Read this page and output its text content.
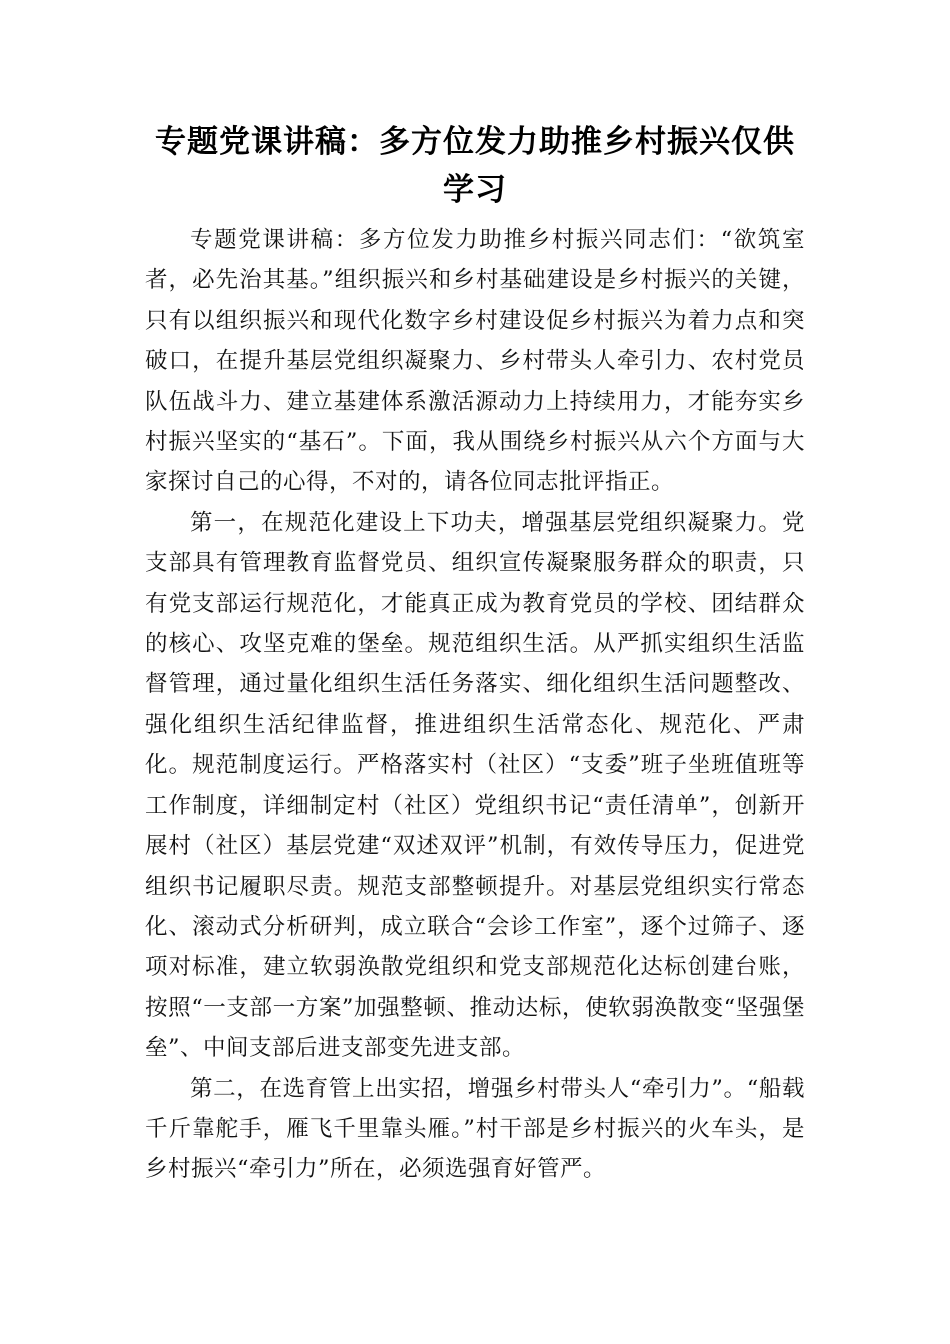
专题党课讲稿：多方位发力助推乡村振兴仅供学习

专题党课讲稿：多方位发力助推乡村振兴同志们：“欲筑室者，必先治其基。”组织振兴和乡村基础建设是乡村振兴的关键，只有以组织振兴和现代化数字乡村建设促乡村振兴为着力点和突破口，在提升基层党组织凝聚力、乡村带头人牵引力、农村党员队伍战斗力、建立基建体系激活源动力上持续用力，才能夯实乡村振兴坚实的“基石”。下面，我从围绕乡村振兴从六个方面与大家探讨自己的心得，不对的，请各位同志批评指正。

第一，在规范化建设上下功夫，增强基层党组织凝聚力。党支部具有管理教育监督党员、组织宣传凝聚服务群众的职责，只有党支部运行规范化，才能真正成为教育党员的学校、团结群众的核心、攻坚克难的堡垒。规范组织生活。从严抓实组织生活监督管理，通过量化组织生活任务落实、细化组织生活问题整改、强化组织生活纪律监督，推进组织生活常态化、规范化、严肃化。规范制度运行。严格落实村（社区）“支委”班子坐班值班等工作制度，详细制定村（社区）党组织书记“责任清单”，创新开展村（社区）基层党建“双述双评”机制，有效传导压力，促进党组织书记履职尽责。规范支部整顿提升。对基层党组织实行常态化、滚动式分析研判，成立联合“会诊工作室”，逐个过筛子、逐项对标准，建立软弱涣散党组织和党支部规范化达标创建台账，按照“一支部一方案”加强整顿、推动达标，使软弱涣散变“坚强堡垒”、中间支部后进支部变先进支部。

第二，在选育管上出实招，增强乡村带头人“牵引力”。“船载千斤靠舵手，雁飞千里靠头雁。”村干部是乡村振兴的火车头，是乡村振兴“牵引力”所在，必须选强育好管严。
